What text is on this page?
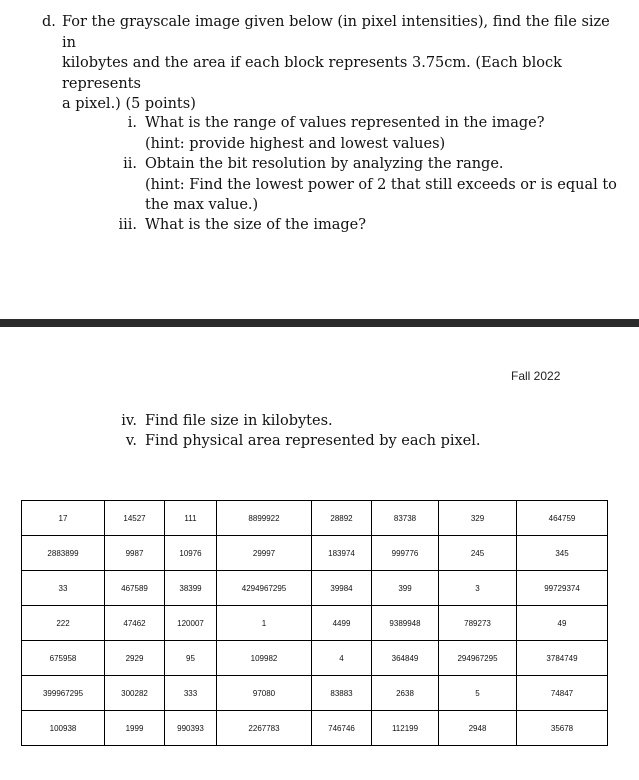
d. For the grayscale image given below (in pixel intensities), find the file size in
kilobytes and the area if each block represents 3.75cm. (Each block represents
a pixel.) (5 points)
i. What is the range of values represented in the image?
(hint: provide highest and lowest values)
ii. Obtain the bit resolution by analyzing the range.
(hint: Find the lowest power of 2 that still exceeds or is equal to
the max value.)
iii. What is the size of the image?
Fall 2022
iv. Find file size in kilobytes.
v. Find physical area represented by each pixel.
17	14527	111	8899922	28892	83738	329	464759
2883899	9987	10976	29997	183974	999776	245	345
33	467589	38399	4294967295	39984	399	3	99729374
222	47462	120007	1	4499	9389948	789273	49
675958	2929	95	109982	4	364849	294967295	3784749
399967295	300282	333	97080	83883	2638	5	74847
100938	1999	990393	2267783	746746	112199	2948	35678
